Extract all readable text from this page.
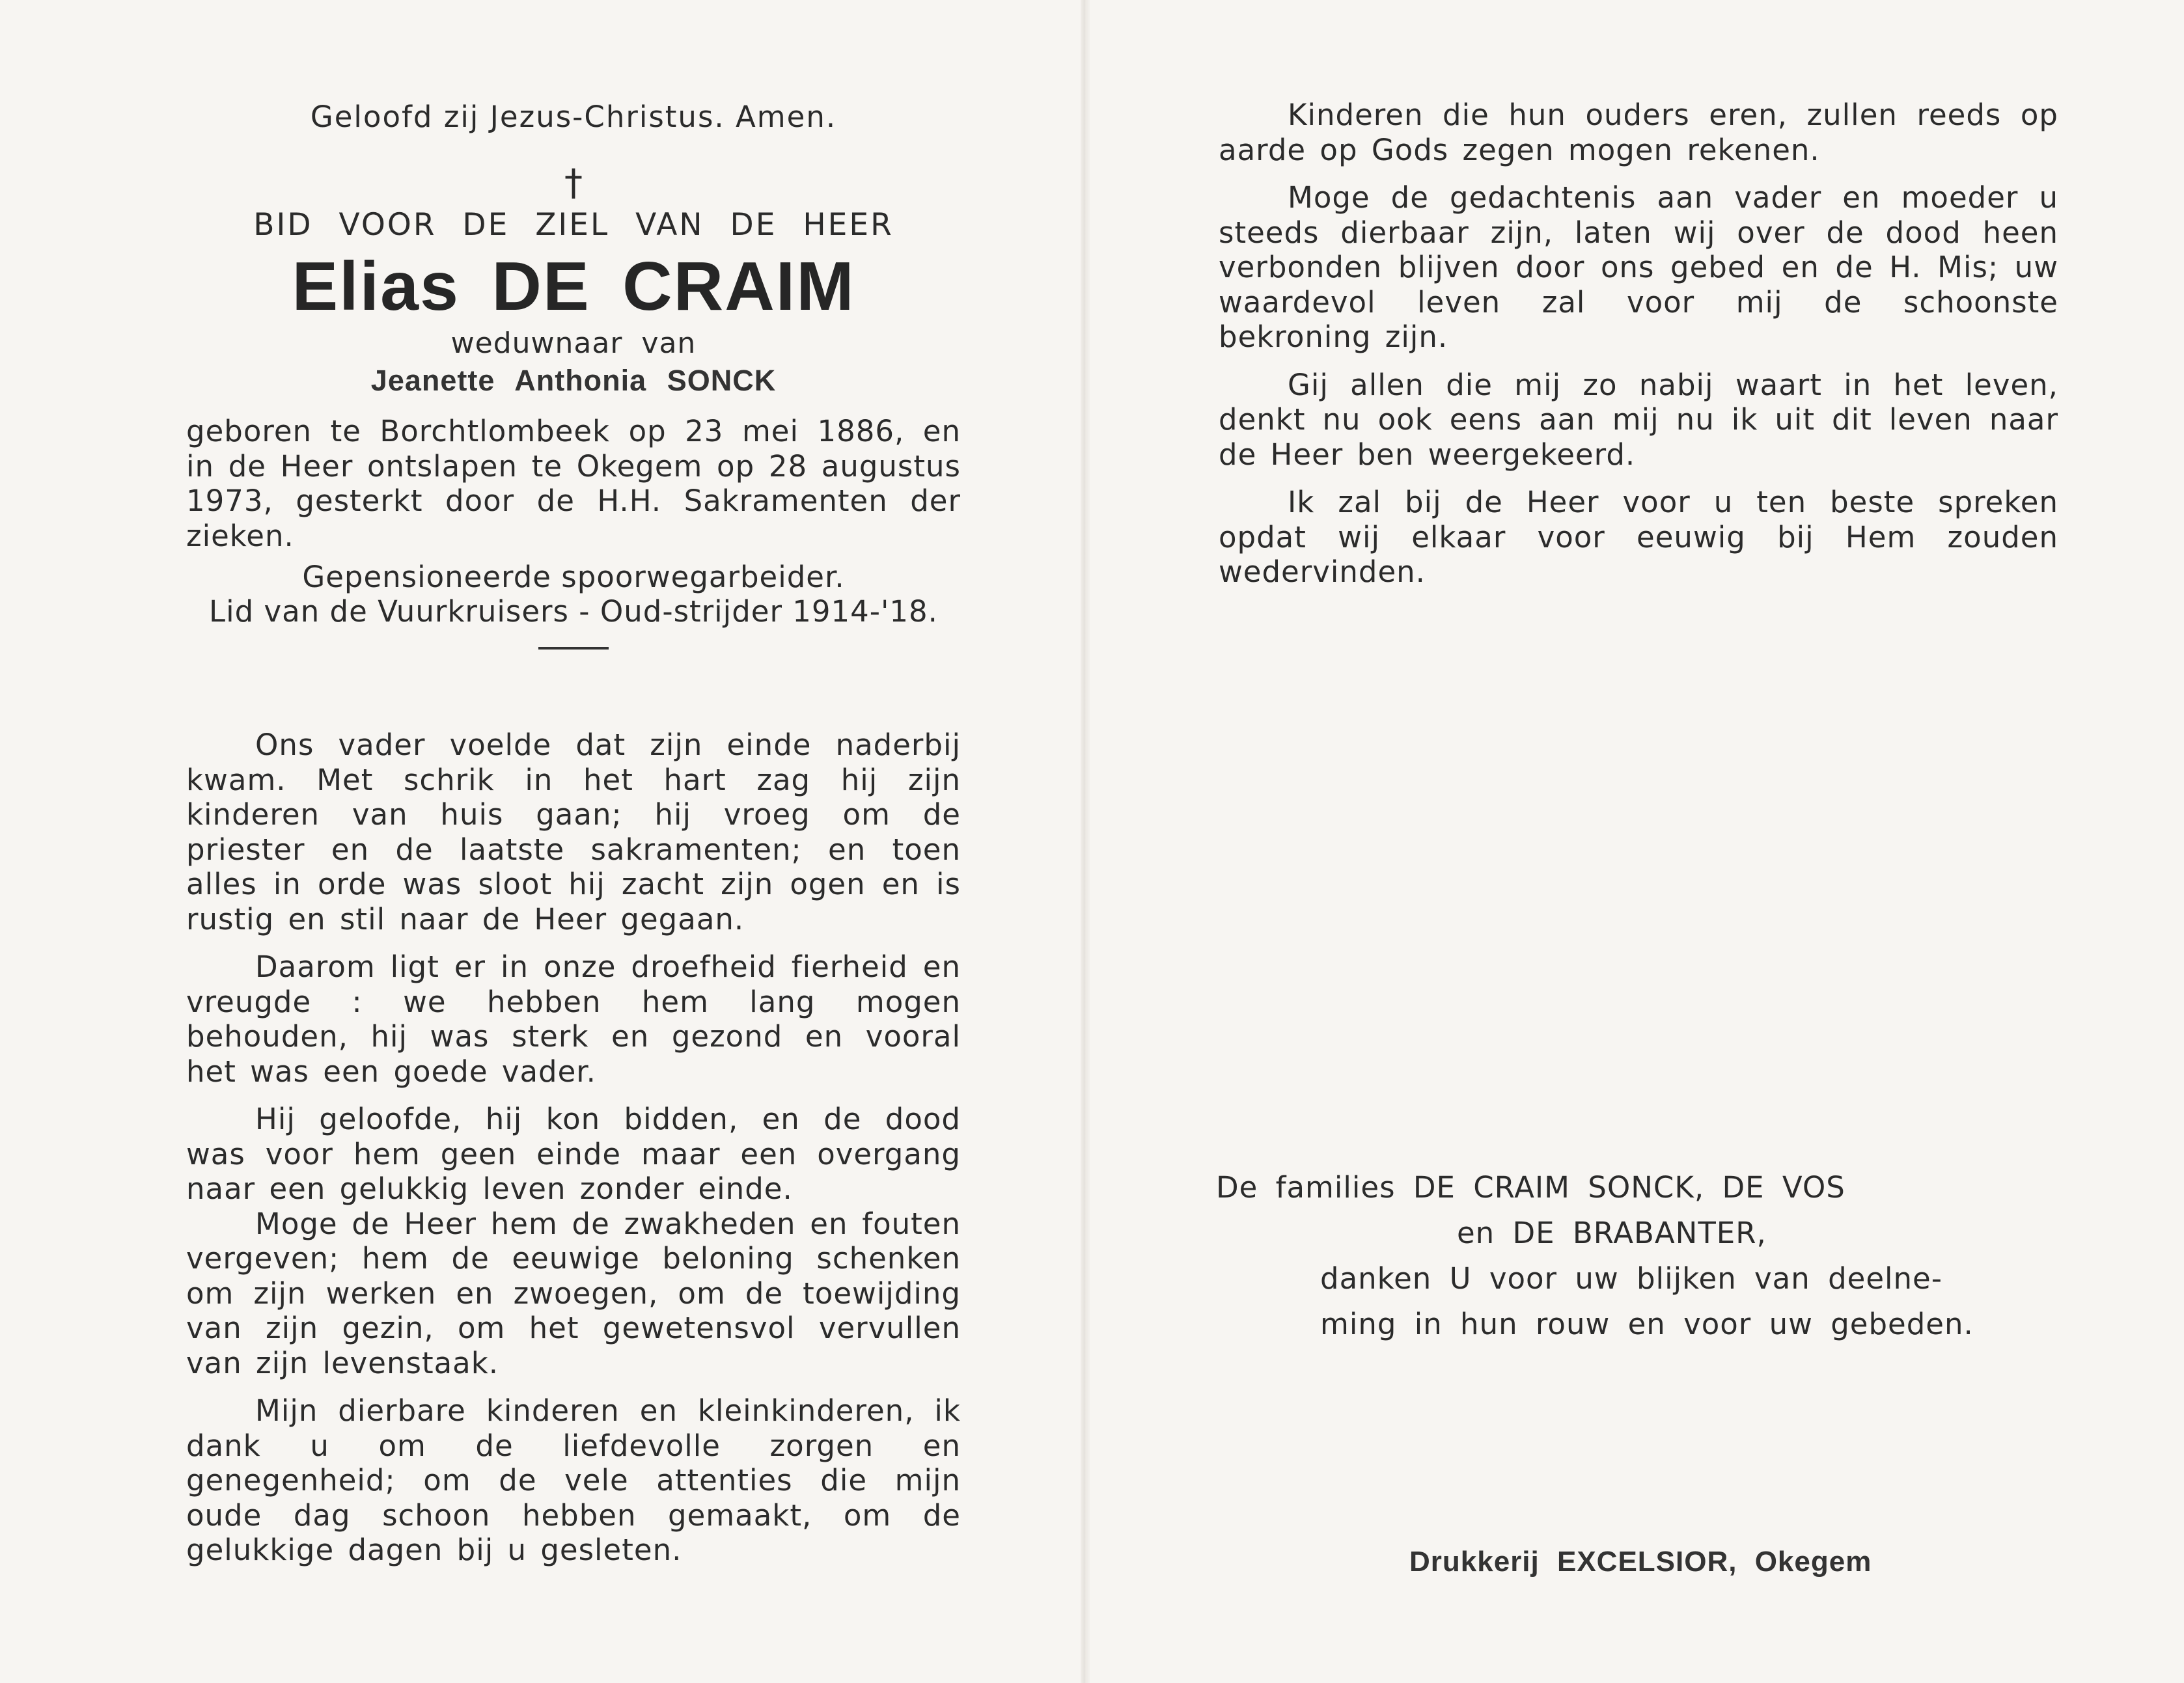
Geloofd zij Jezus-Christus. Amen.
†
BID VOOR DE ZIEL VAN DE HEER
Elias DE CRAIM
weduwnaar van
Jeanette Anthonia SONCK

geboren te Borchtlombeek op 23 mei 1886, en in de Heer ontslapen te Okegem op 28 augustus 1973, gesterkt door de H.H. Sakramenten der zieken.

Gepensioneerde spoorwegarbeider.
Lid van de Vuurkruisers - Oud-strijder 1914-'18.

Ons vader voelde dat zijn einde naderbij kwam. Met schrik in het hart zag hij zijn kinderen van huis gaan; hij vroeg om de priester en de laatste sakramenten; en toen alles in orde was sloot hij zacht zijn ogen en is rustig en stil naar de Heer gegaan.

Daarom ligt er in onze droefheid fierheid en vreugde : we hebben hem lang mogen behouden, hij was sterk en gezond en vooral het was een goede vader.

Hij geloofde, hij kon bidden, en de dood was voor hem geen einde maar een overgang naar een gelukkig leven zonder einde.

Moge de Heer hem de zwakheden en fouten vergeven; hem de eeuwige beloning schenken om zijn werken en zwoegen, om de toewijding van zijn gezin, om het gewetensvol vervullen van zijn levenstaak.

Mijn dierbare kinderen en kleinkinderen, ik dank u om de liefdevolle zorgen en genegenheid; om de vele attenties die mijn oude dag schoon hebben gemaakt, om de gelukkige dagen bij u gesleten.

Kinderen die hun ouders eren, zullen reeds op aarde op Gods zegen mogen rekenen.

Moge de gedachtenis aan vader en moeder u steeds dierbaar zijn, laten wij over de dood heen verbonden blijven door ons gebed en de H. Mis; uw waardevol leven zal voor mij de schoonste bekroning zijn.

Gij allen die mij zo nabij waart in het leven, denkt nu ook eens aan mij nu ik uit dit leven naar de Heer ben weergekeerd.

Ik zal bij de Heer voor u ten beste spreken opdat wij elkaar voor eeuwig bij Hem zouden wedervinden.

De families DE CRAIM SONCK, DE VOS
en DE BRABANTER,
danken U voor uw blijken van deelne-
ming in hun rouw en voor uw gebeden.
Drukkerij EXCELSIOR, Okegem
